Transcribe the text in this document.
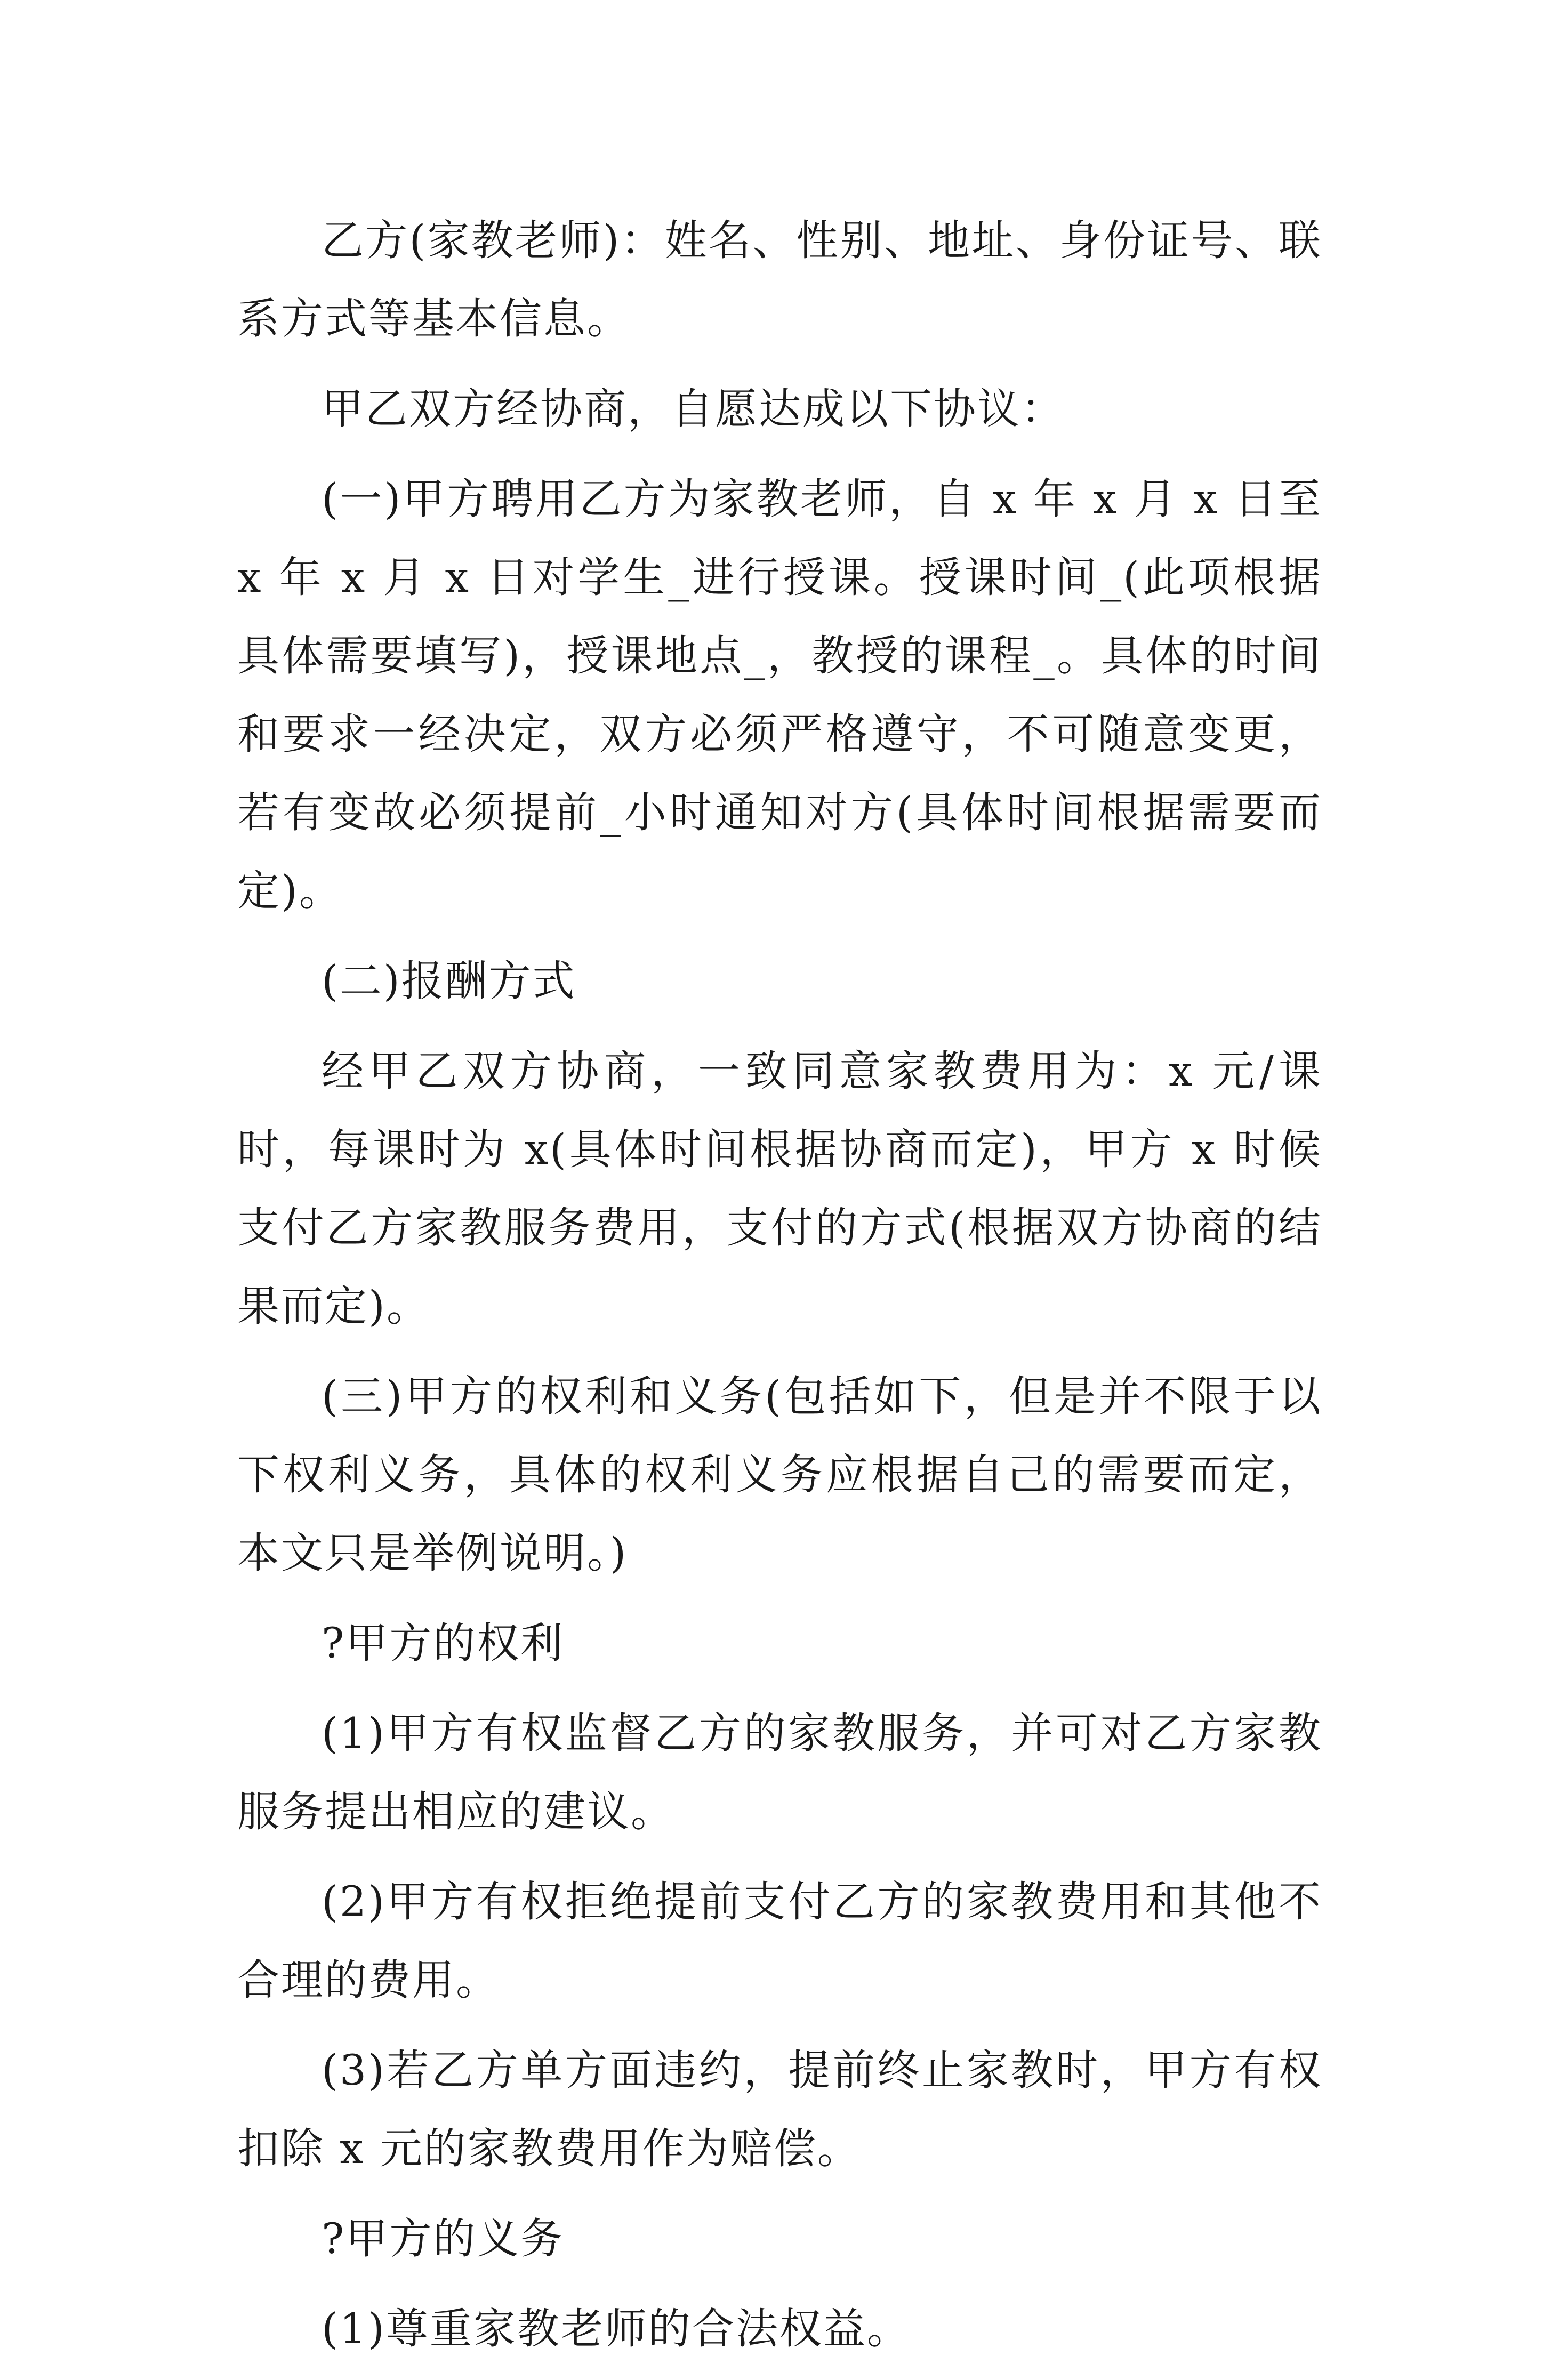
乙方(家教老师)：姓名、性别、地址、身份证号、联系方式等基本信息。

甲乙双方经协商，自愿达成以下协议：

(一)甲方聘用乙方为家教老师，自 x 年 x 月 x 日至 x 年 x 月 x 日对学生_进行授课。授课时间_(此项根据具体需要填写)，授课地点_，教授的课程_。具体的时间和要求一经决定，双方必须严格遵守，不可随意变更，若有变故必须提前_小时通知对方(具体时间根据需要而定)。

(二)报酬方式

经甲乙双方协商，一致同意家教费用为：x 元/课时，每课时为 x(具体时间根据协商而定)，甲方 x 时候支付乙方家教服务费用，支付的方式(根据双方协商的结果而定)。

(三)甲方的权利和义务(包括如下，但是并不限于以下权利义务，具体的权利义务应根据自己的需要而定，本文只是举例说明。)

?甲方的权利

(1)甲方有权监督乙方的家教服务，并可对乙方家教服务提出相应的建议。

(2)甲方有权拒绝提前支付乙方的家教费用和其他不合理的费用。

(3)若乙方单方面违约，提前终止家教时，甲方有权扣除 x 元的家教费用作为赔偿。

?甲方的义务

(1)尊重家教老师的合法权益。
